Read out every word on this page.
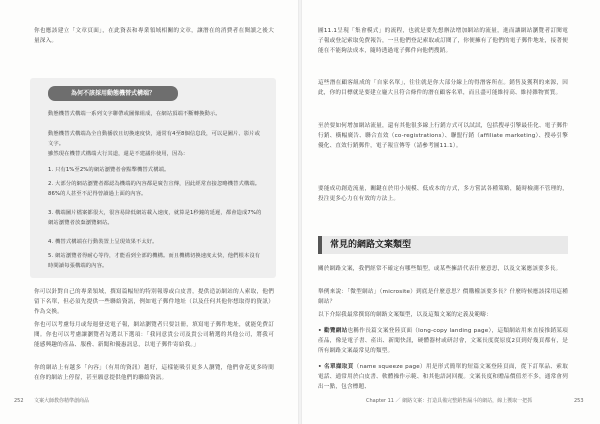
你也應該建立「文章頁面」，在此資表和專業領域相關的文章，讓潛在的消費者在閱讀之後大量深入。
為何不該採用動態機替式構端？
動態機替式構端一系列文字聯帶或圖像組成，在網站頂端不斷轉換動示。
動態機替式構端為全自動播放且切換速度快，通常有4至8個信息段，可以是圖片、影片或文字。
雖然現在機替式構端大行其道，還是不建議你使用，因為：
1. 只有1%至2%的網站瀏覽者會點擊機替式構端。
2. 大部分的網站瀏覽者都認為機端的內容都是廣告宣傳，因此經常直接忽略機替式構端。86%的人甚至不記得曾讀過上面的內容。
3. 構端圖片檔案都很大，很容易降低網站載入速度，就算是1秒鐘的延遲，都會造成7%的網站瀏覽者放棄瀏覽網站。
4. 機替式構端在行動裝置上呈現效果不太好。
5. 網站瀏覽者得耐心等待，才能看到全部的機構。而且機構切換速度太快，他們根本沒有時間讀每張構端的內容。
你可以針對自己的專業領域，撰寫篇幅短的特別報導或白皮書，提供造訪網站的人索取，他們留下名單，但必須先提供一些聯絡資訊，例如電子郵件地址（以及任何其他你想取得的資訊）作為交換。
你也可以考慮每月或每週發送電子報，網站瀏覽者只要註冊，填寫電子郵件地址，就能免費訂閱。你也可以考慮讓瀏覽者勾選以下選項：「我同意貴公司及貴公司精選的其他公司，將我可能感興趣的產品、服務、新聞和優惠訊息，以電子郵件寄給我。」
你的網站上有越多「內容」（有用的資訊）越好，這樣能吸引更多人瀏覽，他們會花更多時間在你的網站上停留，甚至願意提供他們的聯絡資訊。
252 文案大師教你精準創商品
圖11.1呈現「集會模式」的流程，也就是要先想辦法增加網站的流量，進而讓網站瀏覽者訂閱電子報或登記索取免費報告，一旦他們登記索取或訂閱了，你便擁有了他們的電子郵件地址，接著便能在不能夠法成本，隨時透過電子郵件向他們搜銷。
這些潛在顧客組成的「自家名單」，往往就是你大部分線上的得潛客所在。銷售及獲利的來源，因此，你的目標就是要建立龐大且符合條件的潛在顧客名單，而且盡可能維持高、維持雜物實質。
至於要如何增加網站流量，還有其他很多線上行銷方式可以試試，包括搜尋引擎最佳化、電子郵件行銷、橫幅廣告、聯合直效（co-registrations）、聯盟行銷（affiliate marketing）、搜尋引擎優化、直效行銷郵件，電子報宣傳等（請參考圖11.1）。
要能成功創造流量，關鍵在於用小規模、低成本的方式，多方嘗試各種策略，隨時檢測不管理的，投注更多心力在有效的方法上。
常見的網路文案類型
關於網路文案，我們經常不確定有哪些類型，或某些擁語代表什麼意思，以及文案應該要多長。
舉例來說：「微型網站」（microsite）到底是什麼意思？價購權該要多長？什麼時候應該採用這種網站？
以下介紹我最常撰寫的網路文案類型，以及這類文案的定義及範疇：
• 勸覽網站也稱作長篇文案登陸頁面（long-copy landing page），這類網站用來直接推銷某項產品，像是電子書、產出、新聞快訊，硬體器材或研討會，文案長度從原度2頁到好幾頁都有，是所有網路文案最常見的類型。
• 名單擷取頁（name squeeze page）用是形式簡單的短篇文案登陸頁面，從下訂單品、索取電話、通常用於白皮書、軟體操作示範、和其他語詞回覆。文案長度和贈品價值差不多，通常會列出一點，包含標題、
Chapter 11 ／ 網路文案：打造具備完整銷售漏斗的網站，線上獲取一把抓	253
